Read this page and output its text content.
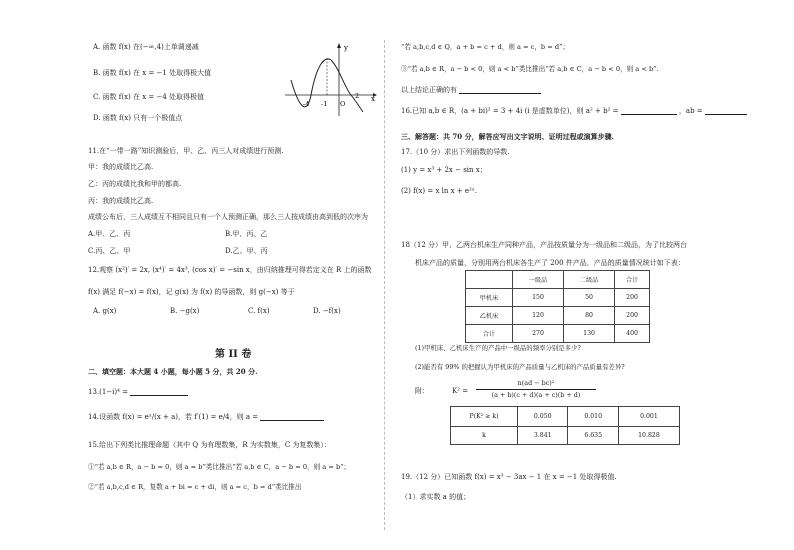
A. 函数 f(x) 在(−∞,4)上单调递减
B. 函数 f(x) 在 x = −1 处取得极大值
C. 函数 f(x) 在 x = −4 处取得极值
D. 函数 f(x) 只有一个极值点
y
x
-4 -1 O
2
11.在“一带一路”知识测验后，甲、乙、丙三人对成绩进行预测.
甲：我的成绩比乙高.
乙：丙的成绩比我和甲的都高.
丙：我的成绩比乙高.
成绩公布后，三人成绩互不相同且只有一个人预测正确，那么三人按成绩由高到低的次序为
A.甲、乙、丙	B.甲、丙、乙
C.丙、乙、甲	D.乙、甲、丙
12.观察 (x²)′ = 2x, (x⁴)′ = 4x³, (cos x)′ = −sin x，由归纳推理可得若定义在 R 上的函数
f(x) 满足 f(−x) = f(x)，记 g(x) 为 f(x) 的导函数，则 g(−x) 等于
A. g(x)	B. −g(x)	C. f(x)	D. −f(x)
第 II 卷
二、填空题：本大题 4 小题，每小题 5 分，共 20 分.
13.(1−i)⁴ =
14.设函数 f(x) = eˣ/(x + a)，若 f′(1) = e/4，则 a =
15.给出下列类比推理命题（其中 Q 为有理数集，R 为实数集，C 为复数集）：
①“若 a,b ∈ R，a − b = 0，则 a = b”类比推出“若 a,b ∈ C，a − b = 0，则 a = b”；
②“若 a,b,c,d ∈ R，复数 a + bi = c + di，则 a = c，b = d”类比推出
“若 a,b,c,d ∈ Q，a + b = c + d，则 a = c，b = d”；
③“若 a,b ∈ R，a − b < 0，则 a < b”类比推出“若 a,b ∈ C，a − b < 0，则 a < b”.
以上结论正确的有
16.已知 a,b ∈ R，(a + bi)² = 3 + 4i (i 是虚数单位)，则 a² + b² =	，ab =
三、解答题：共 70 分，解答应写出文字说明、证明过程或演算步骤.
17.（10 分）求出下列函数的导数.
(1) y = x³ + 2x − sin x；
(2) f(x) = x ln x + e²ˣ.
18（12 分）甲、乙两台机床生产同种产品，产品按质量分为一级品和二级品，为了比较两台
机床产品的质量，分别用两台机床各生产了 200 件产品，产品的质量情况统计如下表：
	一级品	二级品	合计
甲机床	150	50	200
乙机床	120	80	200
合计	270	130	400
(1)甲机床、乙机床生产的产品中一级品的频率分别是多少?
(2)能否有 99% 的把握认为甲机床的产品质量与乙机床的产品质量有差异?
附：	K² =
n(ad − bc)²
(a + b)(c + d)(a + c)(b + d)
P(K² ≥ k)	0.050	0.010	0.001
k	3.841	6.635	10.828
19.（12 分）已知函数 f(x) = x³ − 3ax − 1 在 x = −1 处取得极值.
（1）求实数 a 的值；
